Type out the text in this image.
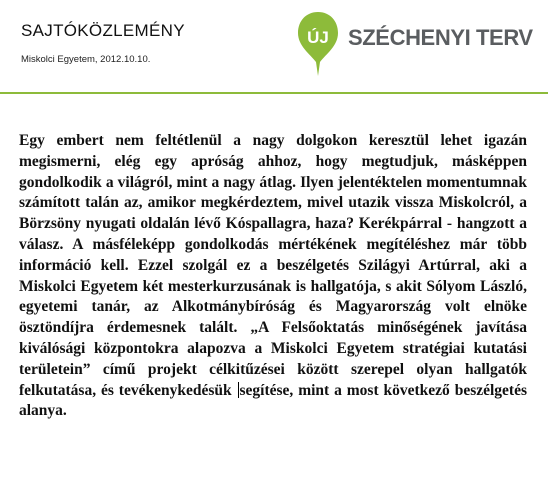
SAJTÓKÖZLEMÉNY
Miskolci Egyetem, 2012.10.10.
ÚJ SZÉCHENYI TERV

Egy embert nem feltétlenül a nagy dolgokon keresztül lehet igazán megismerni, elég egy apróság ahhoz, hogy megtudjuk, másképpen gondolkodik a világról, mint a nagy átlag. Ilyen jelentéktelen momentumnak számított talán az, amikor megkérdeztem, mivel utazik vissza Miskolcról, a Börzsöny nyugati oldalán lévő Kóspallagra, haza? Kerékpárral - hangzott a válasz. A másféleképp gondolkodás mértékének megítéléshez már több információ kell. Ezzel szolgál ez a beszélgetés Szilágyi Artúrral, aki a Miskolci Egyetem két mesterkurzusának is hallgatója, s akit Sólyom László, egyetemi tanár, az Alkotmánybíróság és Magyarország volt elnöke ösztöndíjra érdemesnek talált. „A Felsőoktatás minőségének javítása kiválósági központokra alapozva a Miskolci Egyetem stratégiai kutatási területein” című projekt célkitűzései között szerepel olyan hallgatók felkutatása, és tevékenykedésük segítése, mint a most következő beszélgetés alanya.
